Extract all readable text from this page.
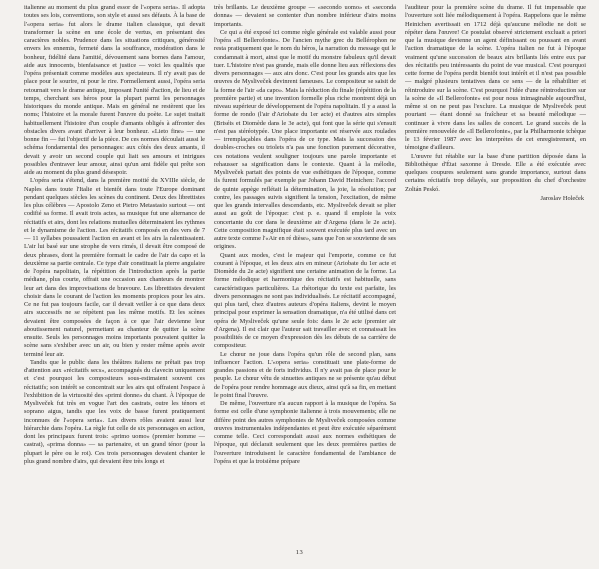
italienne au moment du plus grand essor de l'«opera seria». Il adopta toutes ses lois, conventions, son style et aussi ses défauts. À la base de l'«opera seria» fut alors le drame italien classique, qui devait transformer la scène en une école de vertus, en présentant des caractères nobles. Prudence dans les situations critiques, générosité envers les ennemis, fermeté dans la souffrance, modération dans le bonheur, fidélité dans l'amitié, dévouement sans bornes dans l'amour, aide aux innocents, bienfaisance et justice — voici les qualités que l'opéra présentait comme modèles aux spectateurs. Il n'y avait pas de place pour le sourire, ni pour le rire. Formellement aussi, l'opéra seria retournait vers le drame antique, imposant l'unité d'action, de lieu et de temps, cherchant ses héros pour la plupart parmi les personnages historiques du monde antique. Mais en général ne restèrent que les noms; l'histoire et la morale furent l'œuvre du poète. Le sujet traitait habituellement l'histoire d'un couple d'amants obligés à affronter des obstacles divers avant d'arriver à leur bonheur. «Lieto fine» — une bonne fin — fut l'objectif de la pièce. De ces normes découlait aussi le schéma fondamental des personnages: aux côtés des deux amants, il devait y avoir un second couple qui liait ses amours et intrigues possibles d'entraver leur amour, ainsi qu'un ami fidèle qui prête son aide au moment du plus grand désespoir.

L'opéra seria s'étend, dans la première moitié du XVIIIe siècle, de Naples dans toute l'Italie et bientôt dans toute l'Europe dominant pendant quelques siècles les scènes du continent. Deux des librettistes les plus célèbres — Apostolo Zeno et Pietro Metastasio surtout — ont codifié sa forme. Il avait trois actes, sa musique fut une alternance de récitatifs et airs, dont les relations mutuelles déterminaient les rythmes et le dynamisme de l'action. Les récitatifs composés en des vers de 7 — 11 syllabes poussaient l'action en avant et les airs la ralentissaient. L'air lui basé sur une strophe de vers rimés, il devait être composé de deux phrases, dont la première formait le cadre de l'air da capo et la deuxième sa partie centrale. Ce type d'air constituait la pierre angulaire de l'opéra napolitain, la répétition de l'introduction après la partie médiane, plus courte, offrait une occasion aux chanteurs de montrer leur art dans des improvisations de bravoure. Les librettistes devaient choisir dans le courant de l'action les moments propices pour les airs. Ce ne fut pas toujours facile, car il devait veiller à ce que dans deux airs successifs ne se répètent pas les même motifs. Et les scènes devaient être composées de façon à ce que l'air devienne leur aboutissement naturel, permettant au chanteur de quitter la scène ensuite. Seuls les personnages moins importants pouvaient quitter la scène sans s'exhiber avec un air, ou bien y rester même après avoir terminé leur air.

Tandis que le public dans les théâtres italiens ne prêtait pas trop d'attention aux «récitatifs secs», accompagnés du clavecin uniquement et c'est pourquoi les compositeurs sous-estimaient souvent ces récitatifs; son intérêt se concentrait sur les airs qui offraient l'espace à l'exhibition de la virtuosité des «primi donne» du chant. À l'époque de Mysliveček fut très en vogue l'art des castrats, outre les ténors et soprano aigus, tandis que les voix de basse furent pratiquement inconnues de l'«opera seria». Les divers rôles avaient aussi leur hiérarchie dans l'opéra. La règle fut celle de six personnages en action, dont les principaux furent trois: «primo uomo» (premier homme — castrat), «prima donna» — sa partenaire, et un grand ténor (pour la plupart le père ou le roi). Ces trois personnages devaient chanter le plus grand nombre d'airs, qui devaient être très longs et

très brillants. Le deuxième groupe — «secondo uomo» et «seconda donna» — devaient se contenter d'un nombre inférieur d'airs moins importants.

Ce qui a été exposé ici comme règle générale est valable aussi pour l'opéra «Il Bellerofonte». De l'ancien mythe grec du Bellérophon ne resta pratiquement que le nom du héros, la narration du message qui le condamnait à mort, ainsi que le motif du monstre fabuleux qu'il devait tuer. L'histoire n'est pas grande, mais elle donne lieu aux réflexions des divers personnages — aux airs donc. C'est pour les grands airs que les œuvres de Mysliveček devinrent fameuses. Le compositeur se saisit de la forme de l'air «da capo». Mais la réduction du finale (répétition de la première partie) et une invention formelle plus riche montrent déjà un niveau supérieur de développement de l'opéra napolitain. Il y a aussi la forme de rondo (l'air d'Ariobate du 1er acte) et d'autres airs simples (Briséis et Diomède dans le 3e acte), qui font que la série qui s'ensuit n'est pas stéréotypée. Une place importante est réservée aux roulades — irremplaçables dans l'opéra de ce type. Mais la succession des doubles-croches ou triolets n'a pas une fonction purement décorative, ces notations veulent souligner toujours une parole importante et rehausser sa signification dans le contexte. Quant à la mélodie, Mysliveček partait des points de vue esthétiques de l'époque, comme ils furent formulés par exemple par Johann David Heinichen: l'accord de quinte appège reflétait la détermination, la joie, la résolution; par contre, les passages suivis signifient la tension, l'excitation, de même que les grands intervalles descendants, etc. Mysliveček devait se plier aussi au goût de l'époque: c'est p. e. quand il emploie la voix concertante du cor dans le deuxième air d'Argena (dans le 2e acte). Cette composition magnifique était souvent exécutée plus tard avec un autre texte comme l'«Air en ré dièse», sans que l'on se souvienne de ses origines.

Quant aux modes, c'est le majeur qui l'emporte, comme ce fut courant à l'époque, et les deux airs en mineur (Ariobate du 1er acte et Diomède du 2e acte) signifient une certaine animation de la forme. La forme mélodique et harmonique des récitatifs est habituelle, sans caractéristiques particulières. La rhétorique du texte est parfaite, les divers personnages ne sont pas individualisés. Le récitatif accompagné, qui plus tard, chez d'autres auteurs d'opéra italiens, devint le moyen principal pour exprimer la sensation dramatique, n'a été utilisé dans cet opéra de Mysliveček qu'une seule fois: dans le 2e acte (premier air d'Argena). Il est clair que l'auteur sait travailler avec et connaissait les possibilités de ce moyen d'expression dès les débuts de sa carrière de compositeur.

Le chœur ne joue dans l'opéra qu'un rôle de second plan, sans influencer l'action. L'«opera seria» constituait une plate-forme de grandes passions et de forts individus. Il n'y avait pas de place pour le peuple. Le chœur vêtu de sinuettes antiques ne se présente qu'au début de l'opéra pour rendre hommage aux dieux, ainsi qu'à sa fin, en mettant le point final l'œuvre.

De même, l'ouverture n'a aucun rapport à la musique de l'opéra. Sa forme est celle d'une symphonie italienne à trois mouvements; elle ne diffère point des autres symphonies de Mysliveček composées comme œuvres instrumentales indépendantes et peut être exécutée séparément comme telle. Ceci correspondait aussi aux normes esthétiques de l'époque, qui déclarait seulement que les deux premières parties de l'ouverture introduisent le caractère fondamental de l'ambiance de l'opéra et que la troisième prépare

l'auditeur pour la première scène du drame. Il fut impensable que l'ouverture soit liée mélodiquement à l'opéra. Rappelons que le même Heinichen avertissait en 1712 déjà qu'aucune mélodie ne doit se répéter dans l'œuvre! Ce postulat observé strictement excluait a priori que la musique devienne un agent définissant ou poussant en avant l'action dramatique de la scène. L'opéra italien ne fut à l'époque vraiment qu'une succession de beaux airs brillants liés entre eux par des récitatifs peu intéressants du point de vue musical. C'est pourquoi cette forme de l'opéra perdit bientôt tout intérêt et il n'est pas possible — malgré plusieurs tentatives dans ce sens — de la réhabiliter et réintroduire sur la scène. C'est pourquoi l'idée d'une réintroduction sur la scène de «Il Bellerofonte» est pour nous inimaginable aujourd'hui, même si on ne peut pas l'exclure. La musique de Mysliveček peut pourtant — étant donné sa fraîcheur et sa beauté mélodique — continuer à vivre dans les salles de concert. Le grand succès de la première renouvelée de «Il Bellerofonte», par la Philharmonie tchèque le 13 février 1987 avec les interprètes de cet enregistrement, en témoigne d'ailleurs.

L'œuvre fut rétablie sur la base d'une partition déposée dans la Bibliothèque d'État saxonne à Dresde. Elle a été exécutée avec quelques coupures seulement sans grande importance, surtout dans certains récitatifs trop délayés, sur proposition du chef d'orchestre Zoltán Peskó.

Jaroslav Holeček

13
